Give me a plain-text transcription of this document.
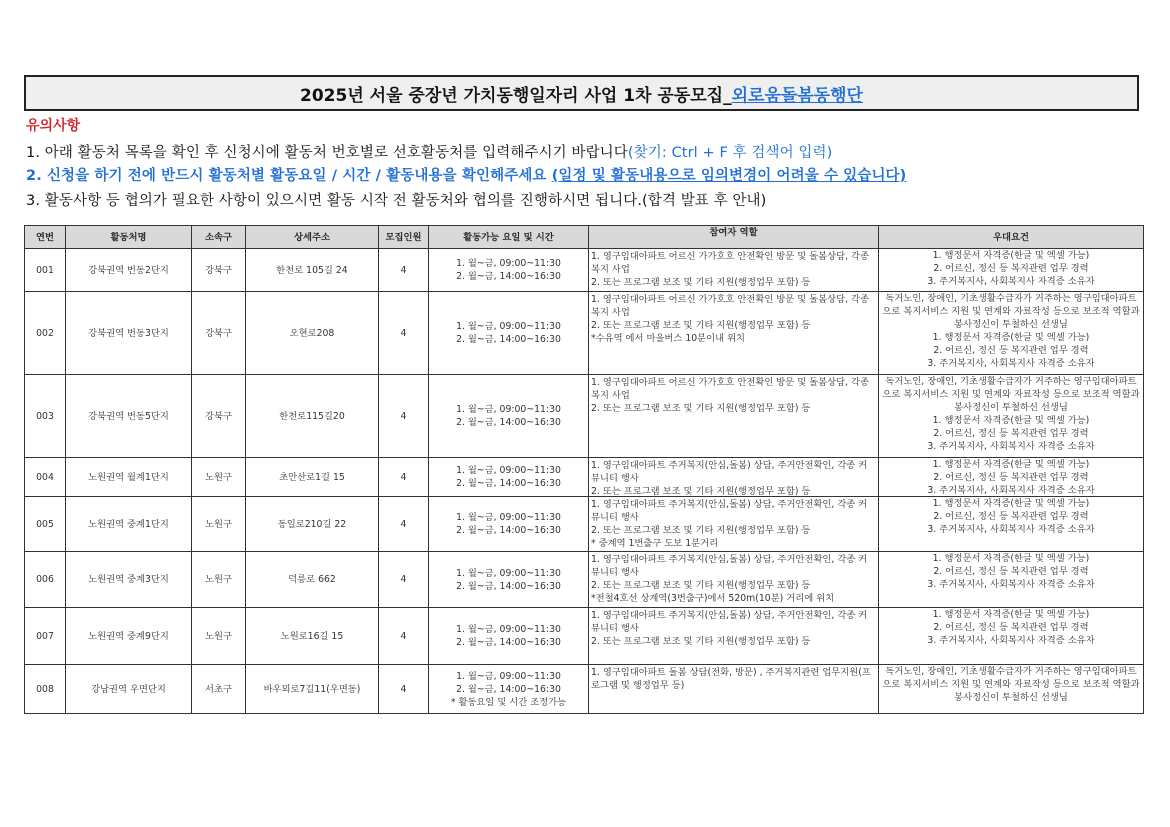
2025년 서울 중장년 가치동행일자리 사업 1차 공동모집_ 외로움돌봄동행단
유의사항
1. 아래 활동처 목록을 확인 후 신청시에 활동처 번호별로 선호활동처를 입력해주시기 바랍니다(찾기: Ctrl + F 후 검색어 입력)
2. 신청을 하기 전에 반드시 활동처별 활동요일 / 시간 / 활동내용을 확인해주세요 (일정 및 활동내용으로 임의변경이 어려울 수 있습니다)
3. 활동사항 등 협의가 필요한 사항이 있으시면 활동 시작 전 활동처와 협의를 진행하시면 됩니다.(합격 발표 후 안내)
연번	활동처명	소속구	상세주소	모집인원	활동가능 요일 및 시간	참여자 역할	우대요건
001	강북권역 번동2단지	강북구	한천로 105길 24	4	1. 월~금, 09:00~11:30
2. 월~금, 14:00~16:30	1. 영구임대아파트 어르신 가가호호 안전확인 방문 및 돌봄상담, 각종 복지 사업
2. 또는 프로그램 보조 및 기타 지원(행정업무 포함) 등	1. 행정문서 자격증(한글 및 엑셀 가능)
2. 어르신, 정신 등 복지관련 업무 경력
3. 주거복지사, 사회복지사 자격증 소유자

002	강북권역 번동3단지	강북구	오현로208	4	1. 월~금, 09:00~11:30
2. 월~금, 14:00~16:30	1. 영구임대아파트 어르신 가가호호 안전확인 방문 및 돌봄상담, 각종 복지 사업
2. 또는 프로그램 보조 및 기타 지원(행정업무 포함) 등
*수유역 에서 마을버스 10분이내 위치	독거노인, 장애인, 기초생활수급자가 거주하는 영구임대아파트으로 복지서비스 지원 및 연계와 자료작성 등으로 보조적 역할과 봉사정신이 투철하신 선생님
1. 행정문서 자격증(한글 및 엑셀 가능)
2. 어르신, 정신 등 복지관련 업무 경력
3. 주거복지사, 사회복지사 자격증 소유자

003	강북권역 번동5단지	강북구	한천로115길20	4	1. 월~금, 09:00~11:30
2. 월~금, 14:00~16:30	1. 영구임대아파트 어르신 가가호호 안전확인 방문 및 돌봄상담, 각종 복지 사업
2. 또는 프로그램 보조 및 기타 지원(행정업무 포함) 등	독거노인, 장애인, 기초생활수급자가 거주하는 영구임대아파트으로 복지서비스 지원 및 연계와 자료작성 등으로 보조적 역할과 봉사정신이 투철하신 선생님
1. 행정문서 자격증(한글 및 엑셀 가능)
2. 어르신, 정신 등 복지관련 업무 경력
3. 주거복지사, 사회복지사 자격증 소유자

004	노원권역 월계1단지	노원구	초안산로1길 15	4	1. 월~금, 09:00~11:30
2. 월~금, 14:00~16:30	1. 영구임대아파트 주거복지(안심,돌봄) 상담, 주거안전확인, 각종 커뮤니티 행사
2. 또는 프로그램 보조 및 기타 지원(행정업무 포함) 등	1. 행정문서 자격증(한글 및 엑셀 가능)
2. 어르신, 정신 등 복지관련 업무 경력
3. 주거복지사, 사회복지사 자격증 소유자

005	노원권역 중계1단지	노원구	동일로210길 22	4	1. 월~금, 09:00~11:30
2. 월~금, 14:00~16:30	1. 영구임대아파트 주거복지(안심,돌봄) 상담, 주거안전확인, 각종 커뮤니티 행사
2. 또는 프로그램 보조 및 기타 지원(행정업무 포함) 등
* 중계역 1번출구 도보 1분거리	1. 행정문서 자격증(한글 및 엑셀 가능)
2. 어르신, 정신 등 복지관련 업무 경력
3. 주거복지사, 사회복지사 자격증 소유자

006	노원권역 중계3단지	노원구	덕릉로 662	4	1. 월~금, 09:00~11:30
2. 월~금, 14:00~16:30	1. 영구임대아파트 주거복지(안심,돌봄) 상담, 주거안전확인, 각종 커뮤니티 행사
2. 또는 프로그램 보조 및 기타 지원(행정업무 포함) 등
*전철4호선 상계역(3번출구)에서 520m(10분) 거리에 위치	1. 행정문서 자격증(한글 및 엑셀 가능)
2. 어르신, 정신 등 복지관련 업무 경력
3. 주거복지사, 사회복지사 자격증 소유자

007	노원권역 중계9단지	노원구	노원로16길 15	4	1. 월~금, 09:00~11:30
2. 월~금, 14:00~16:30	1. 영구임대아파트 주거복지(안심,돌봄) 상담, 주거안전확인, 각종 커뮤니티 행사
2. 또는 프로그램 보조 및 기타 지원(행정업무 포함) 등	1. 행정문서 자격증(한글 및 엑셀 가능)
2. 어르신, 정신 등 복지관련 업무 경력
3. 주거복지사, 사회복지사 자격증 소유자

008	강남권역 우면단지	서초구	바우뫼로7길11(우면동)	4	1. 월~금, 09:00~11:30
2. 월~금, 14:00~16:30
* 활동요일 및 시간 조정가능	1. 영구임대아파트 돌봄 상담(전화, 방문) , 주거복지관련 업무지원(프로그램 및 행정업무 등)	독거노인, 장애인, 기초생활수급자가 거주하는 영구임대아파트으로 복지서비스 지원 및 연계와 자료작성 등으로 보조적 역할과 봉사정신이 투철하신 선생님
